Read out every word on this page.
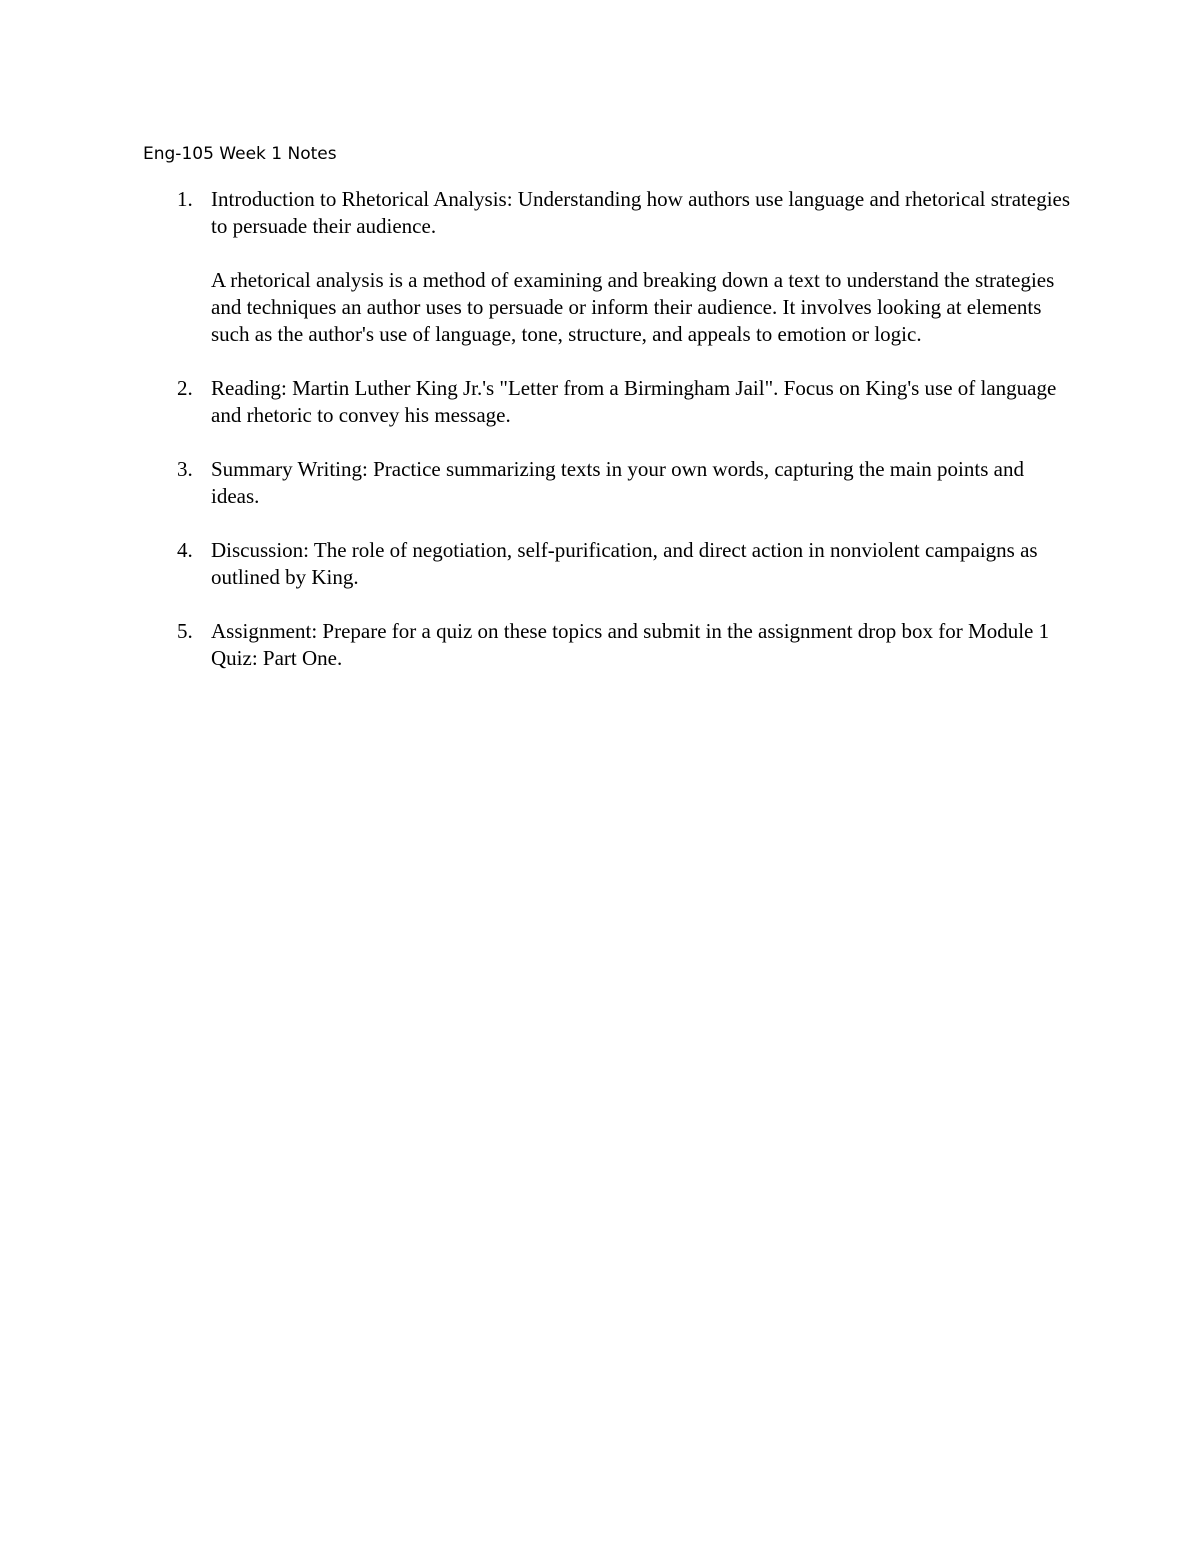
Eng-105 Week 1 Notes
1. Introduction to Rhetorical Analysis: Understanding how authors use language and rhetorical strategies to persuade their audience.
A rhetorical analysis is a method of examining and breaking down a text to understand the strategies and techniques an author uses to persuade or inform their audience. It involves looking at elements such as the author's use of language, tone, structure, and appeals to emotion or logic.
2. Reading: Martin Luther King Jr.'s "Letter from a Birmingham Jail". Focus on King's use of language and rhetoric to convey his message.
3. Summary Writing: Practice summarizing texts in your own words, capturing the main points and ideas.
4. Discussion: The role of negotiation, self-purification, and direct action in nonviolent campaigns as outlined by King.
5. Assignment: Prepare for a quiz on these topics and submit in the assignment drop box for Module 1 Quiz: Part One.
